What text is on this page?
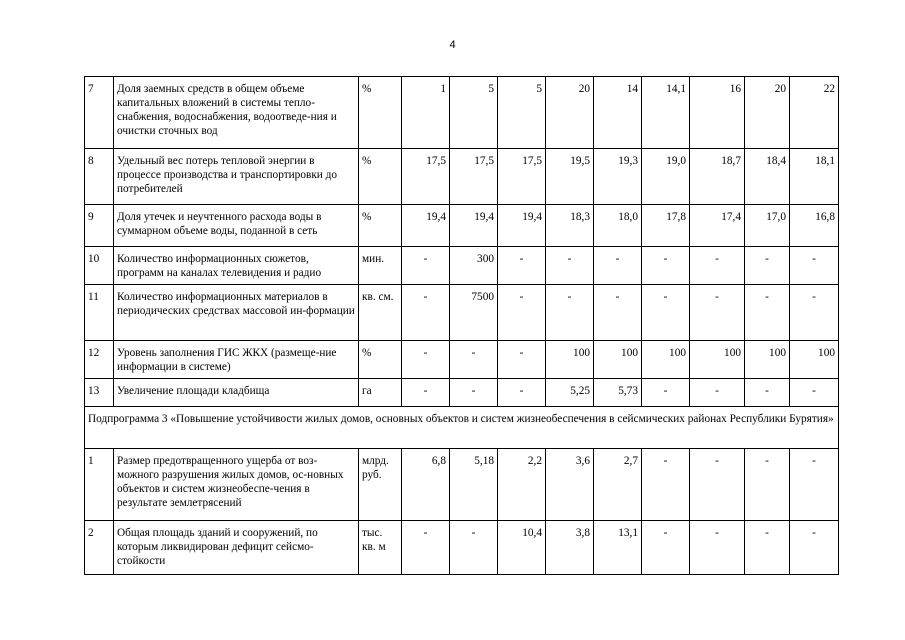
4
7	Доля заемных средств в общем объеме капитальных вложений в системы тепло-снабжения, водоснабжения, водоотведе-ния и очистки сточных вод	%	1	5	5	20	14	14,1	16	20	22
8	Удельный вес потерь тепловой энергии в процессе производства и транспортировки до потребителей	%	17,5	17,5	17,5	19,5	19,3	19,0	18,7	18,4	18,1
9	Доля утечек и неучтенного расхода воды в суммарном объеме воды, поданной в сеть	%	19,4	19,4	19,4	18,3	18,0	17,8	17,4	17,0	16,8
10	Количество информационных сюжетов, программ на каналах телевидения и радио	мин.	-	300	-	-	-	-	-	-	-
11	Количество информационных материалов в периодических средствах массовой ин-формации	кв. см.	-	7500	-	-	-	-	-	-	-
12	Уровень заполнения ГИС ЖКХ (размеще-ние информации в системе)	%	-	-	-	100	100	100	100	100	100
13	Увеличение площади кладбища	га	-	-	-	5,25	5,73	-	-	-	-
Подпрограмма 3 «Повышение устойчивости жилых домов, основных объектов и систем жизнеобеспечения в сейсмических районах Республики Бурятия»											
1	Размер предотвращенного ущерба от воз-можного разрушения жилых домов, ос-новных объектов и систем жизнеобеспе-чения в результате землетрясений	млрд. руб.	6,8	5,18	2,2	3,6	2,7	-	-	-	-
2	Общая площадь зданий и сооружений, по которым ликвидирован дефицит сейсмо-стойкости	тыс. кв. м	-	-	10,4	3,8	13,1	-	-	-	-
